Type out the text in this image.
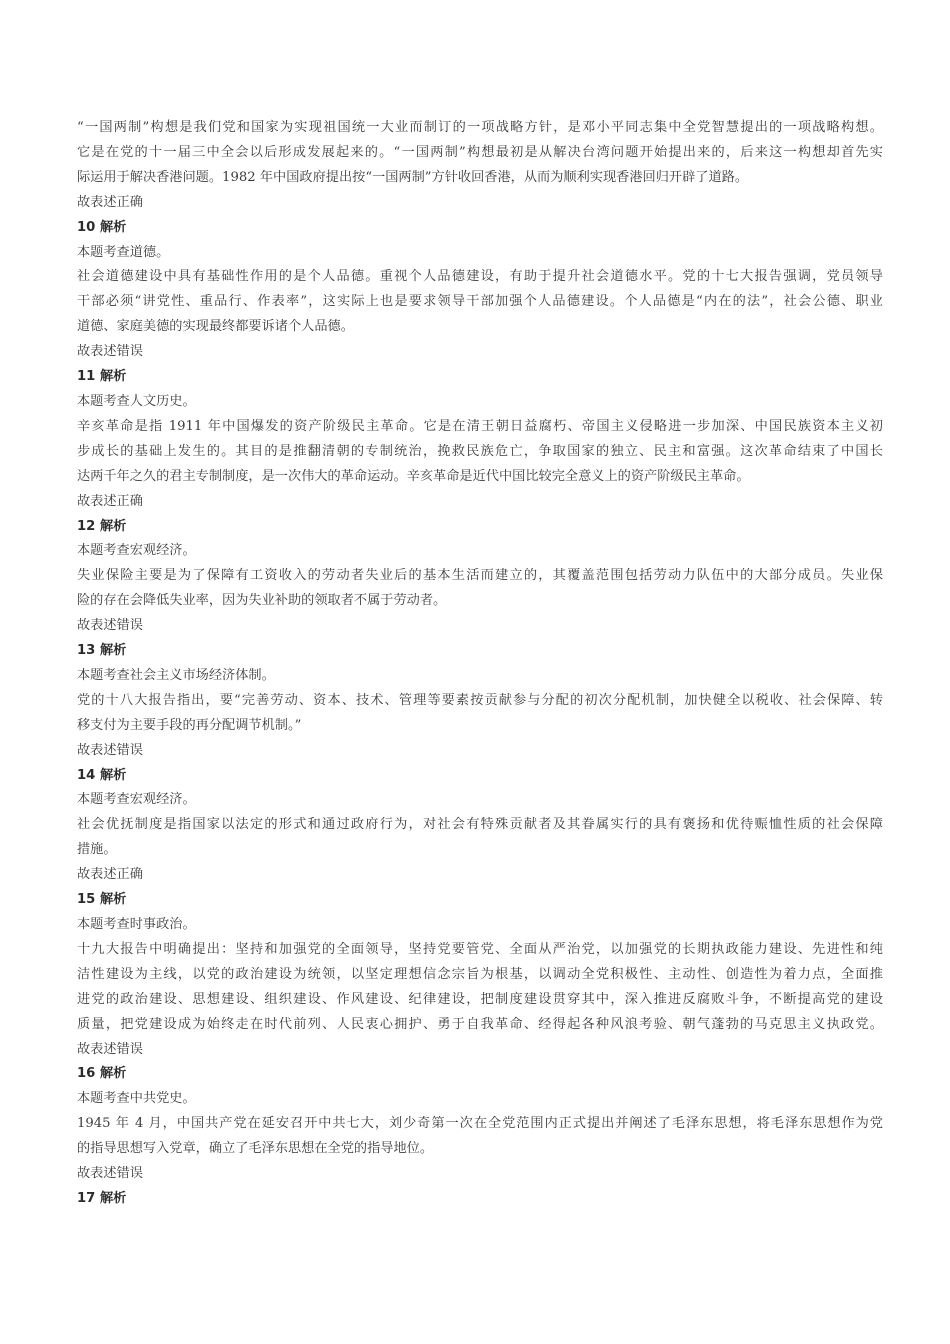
“一国两制”构想是我们党和国家为实现祖国统一大业而制订的一项战略方针，是邓小平同志集中全党智慧提出的一项战略构想。
它是在党的十一届三中全会以后形成发展起来的。“一国两制”构想最初是从解决台湾问题开始提出来的，后来这一构想却首先实
际运用于解决香港问题。1982 年中国政府提出按“一国两制”方针收回香港，从而为顺利实现香港回归开辟了道路。
故表述正确
10 解析
本题考查道德。
社会道德建设中具有基础性作用的是个人品德。重视个人品德建设，有助于提升社会道德水平。党的十七大报告强调，党员领导
干部必须“讲党性、重品行、作表率”，这实际上也是要求领导干部加强个人品德建设。个人品德是“内在的法”，社会公德、职业
道德、家庭美德的实现最终都要诉诸个人品德。
故表述错误
11 解析
本题考查人文历史。
辛亥革命是指 1911 年中国爆发的资产阶级民主革命。它是在清王朝日益腐朽、帝国主义侵略进一步加深、中国民族资本主义初
步成长的基础上发生的。其目的是推翻清朝的专制统治，挽救民族危亡，争取国家的独立、民主和富强。这次革命结束了中国长
达两千年之久的君主专制制度，是一次伟大的革命运动。辛亥革命是近代中国比较完全意义上的资产阶级民主革命。
故表述正确
12 解析
本题考查宏观经济。
失业保险主要是为了保障有工资收入的劳动者失业后的基本生活而建立的，其覆盖范围包括劳动力队伍中的大部分成员。失业保
险的存在会降低失业率，因为失业补助的领取者不属于劳动者。
故表述错误
13 解析
本题考查社会主义市场经济体制。
党的十八大报告指出，要“完善劳动、资本、技术、管理等要素按贡献参与分配的初次分配机制，加快健全以税收、社会保障、转
移支付为主要手段的再分配调节机制。”
故表述错误
14 解析
本题考查宏观经济。
社会优抚制度是指国家以法定的形式和通过政府行为，对社会有特殊贡献者及其眷属实行的具有褒扬和优待赈恤性质的社会保障
措施。
故表述正确
15 解析
本题考查时事政治。
十九大报告中明确提出：坚持和加强党的全面领导，坚持党要管党、全面从严治党，以加强党的长期执政能力建设、先进性和纯
洁性建设为主线，以党的政治建设为统领，以坚定理想信念宗旨为根基，以调动全党积极性、主动性、创造性为着力点，全面推
进党的政治建设、思想建设、组织建设、作风建设、纪律建设，把制度建设贯穿其中，深入推进反腐败斗争，不断提高党的建设
质量，把党建设成为始终走在时代前列、人民衷心拥护、勇于自我革命、经得起各种风浪考验、朝气蓬勃的马克思主义执政党。
故表述错误
16 解析
本题考查中共党史。
1945 年 4 月，中国共产党在延安召开中共七大，刘少奇第一次在全党范围内正式提出并阐述了毛泽东思想，将毛泽东思想作为党
的指导思想写入党章，确立了毛泽东思想在全党的指导地位。
故表述错误
17 解析
